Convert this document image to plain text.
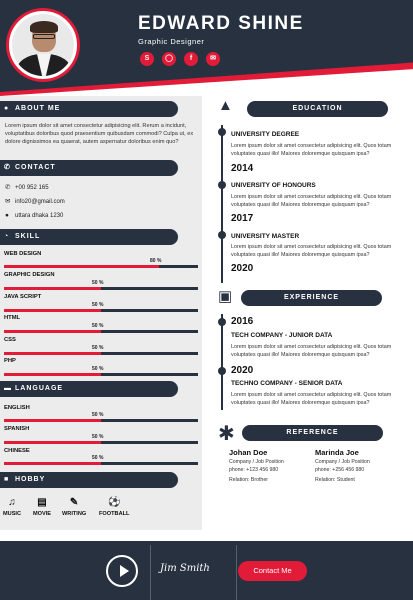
EDWARD SHINE
Graphic Designer
S	◯	f	✉
● ABOUT ME
Lorem ipsum dolor sit amet consectetur adipisicing elit. Rerum a incidunt, voluptatibus doloribus quod praesentium quibusdam commodi? Culpa ut, ex dolore dignissimos ea quaerat, autem aspernatur doloribus enim quo?
✆ CONTACT
✆ +00 952 165
✉ info20@gmail.com
● uttara dhaka 1230
◔ SKILL
WEB DESIGN
80 %
GRAPHIC DESIGN
50 %
JAVA SCRIPT
50 %
HTML
50 %
CSS
50 %
PHP
50 %
▬ LANGUAGE
ENGLISH
50 %
SPANISH
50 %
CHINESE
50 %
■ HOBBY
♫
MUSIC
▤
MOVIE
✎
WRITING
⚽
FOOTBALL
▲	EDUCATION
UNIVERSITY DEGREE
Lorem ipsum dolor sit amet consectetur adipisicing elit. Quos totam voluptates quasi illo! Maiores doloremque quisquam ipsa?
2014
UNIVERSITY OF HONOURS
Lorem ipsum dolor sit amet consectetur adipisicing elit. Quos totam voluptates quasi illo! Maiores doloremque quisquam ipsa?
2017
UNIVERSITY MASTER
Lorem ipsum dolor sit amet consectetur adipisicing elit. Quos totam voluptates quasi illo! Maiores doloremque quisquam ipsa?
2020
▣	EXPERIENCE
2016
TECH COMPANY - JUNIOR DATA
Lorem ipsum dolor sit amet consectetur adipisicing elit. Quos totam voluptates quasi illo! Maiores doloremque quisquam ipsa?
2020
TECHNO COMPANY - SENIOR DATA
Lorem ipsum dolor sit amet consectetur adipisicing elit. Quos totam voluptates quasi illo! Maiores doloremque quisquam ipsa?
✱	REFERENCE
Johan Doe
Company / Job Position
phone: +123 456 980
Relation: Brother
Marinda Joe
Company / Job Position
phone: +256 456 980
Relation: Student
Jim Smith	Contact Me
